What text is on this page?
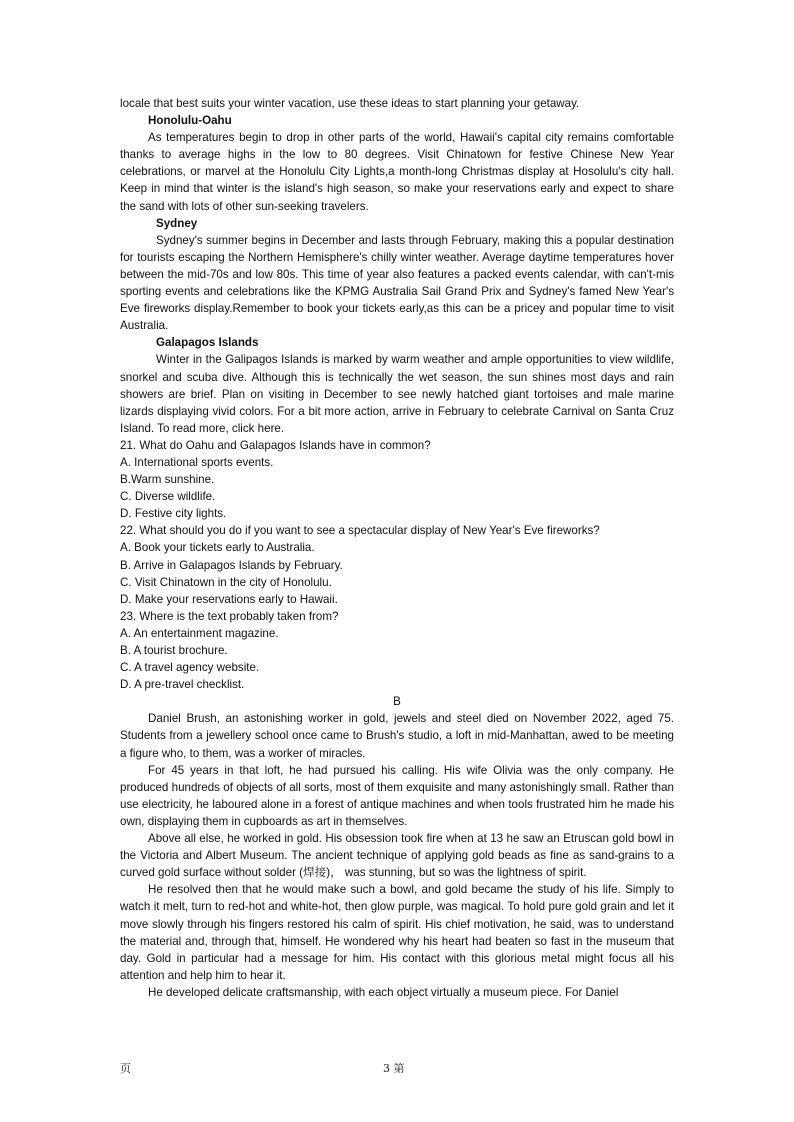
locale that best suits your winter vacation, use these ideas to start planning your getaway.

Honolulu-Oahu

As temperatures begin to drop in other parts of the world, Hawaii's capital city remains comfortable thanks to average highs in the low to 80 degrees. Visit Chinatown for festive Chinese New Year celebrations, or marvel at the Honolulu City Lights,a month-long Christmas display at Hosolulu's city hall. Keep in mind that winter is the island's high season, so make your reservations early and expect to share the sand with lots of other sun-seeking travelers.

Sydney

Sydney's summer begins in December and lasts through February, making this a popular destination for tourists escaping the Northern Hemisphere's chilly winter weather. Average daytime temperatures hover between the mid-70s and low 80s. This time of year also features a packed events calendar, with can't-mis sporting events and celebrations like the KPMG Australia Sail Grand Prix and Sydney's famed New Year's Eve fireworks display.Remember to book your tickets early,as this can be a pricey and popular time to visit Australia.

Galapagos Islands

Winter in the Galipagos Islands is marked by warm weather and ample opportunities to view wildlife, snorkel and scuba dive. Although this is technically the wet season, the sun shines most days and rain showers are brief. Plan on visiting in December to see newly hatched giant tortoises and male marine lizards displaying vivid colors. For a bit more action, arrive in February to celebrate Carnival on Santa Cruz Island. To read more, click here.

21. What do Oahu and Galapagos Islands have in common?

A. International sports events.

B.Warm sunshine.

C. Diverse wildlife.

D. Festive city lights.

22. What should you do if you want to see a spectacular display of New Year's Eve fireworks?

A. Book your tickets early to Australia.

B. Arrive in Galapagos Islands by February.

C. Visit Chinatown in the city of Honolulu.

D. Make your reservations early to Hawaii.

23. Where is the text probably taken from?

A. An entertainment magazine.

B. A tourist brochure.

C. A travel agency website.

D. A pre-travel checklist.

B

Daniel Brush, an astonishing worker in gold, jewels and steel died on November 2022, aged 75. Students from a jewellery school once came to Brush's studio, a loft in mid-Manhattan, awed to be meeting a figure who, to them, was a worker of miracles.

For 45 years in that loft, he had pursued his calling. His wife Olivia was the only company. He produced hundreds of objects of all sorts, most of them exquisite and many astonishingly small. Rather than use electricity, he laboured alone in a forest of antique machines and when tools frustrated him he made his own, displaying them in cupboards as art in themselves.

Above all else, he worked in gold. His obsession took fire when at 13 he saw an Etruscan gold bowl in the Victoria and Albert Museum. The ancient technique of applying gold beads as fine as sand-grains to a curved gold surface without solder (焊接)， was stunning, but so was the lightness of spirit.

He resolved then that he would make such a bowl, and gold became the study of his life. Simply to watch it melt, turn to red-hot and white-hot, then glow purple, was magical. To hold pure gold grain and let it move slowly through his fingers restored his calm of spirit. His chief motivation, he said, was to understand the material and, through that, himself. He wondered why his heart had beaten so fast in the museum that day. Gold in particular had a message for him. His contact with this glorious metal might focus all his attention and help him to hear it.

He developed delicate craftsmanship, with each object virtually a museum piece. For Daniel

页	3 第
